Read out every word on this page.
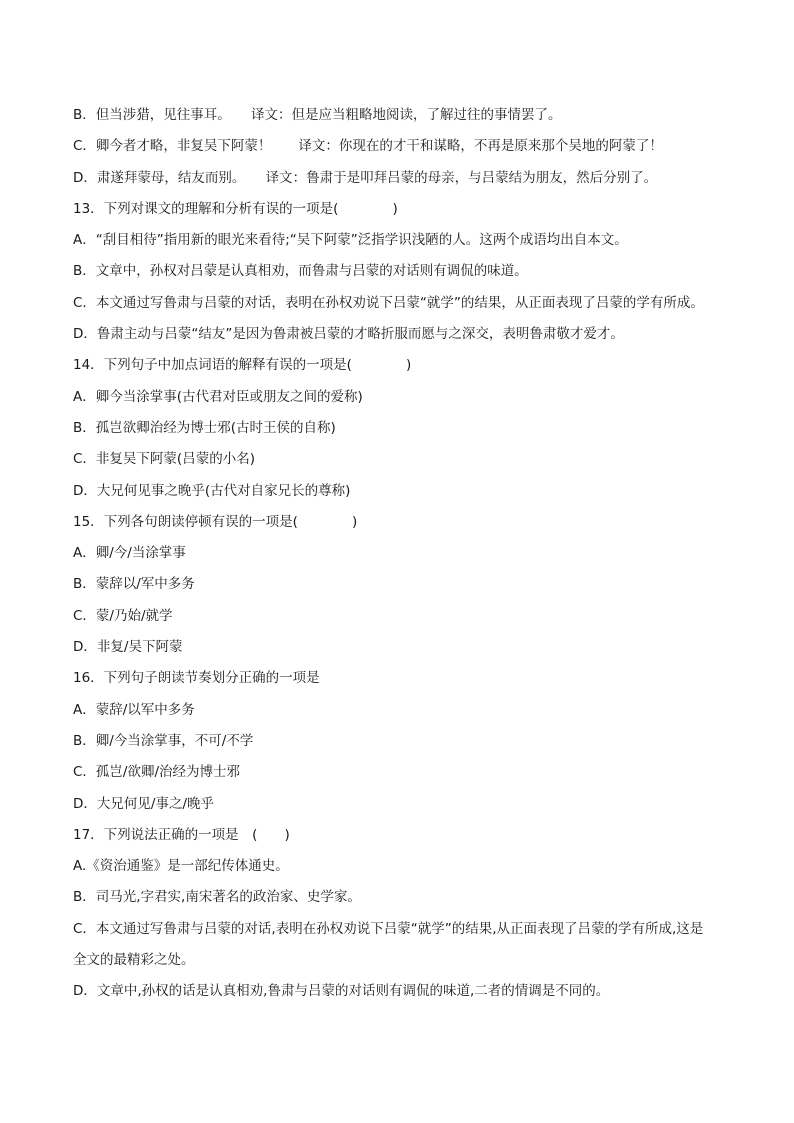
B．但当涉猎，见往事耳。　　译文：但是应当粗略地阅读，了解过往的事情罢了。
C．卿今者才略，非复吴下阿蒙！　　译文：你现在的才干和谋略，不再是原来那个吴地的阿蒙了！
D．肃遂拜蒙母，结友而别。　　译文：鲁肃于是叩拜吕蒙的母亲，与吕蒙结为朋友，然后分别了。
13．下列对课文的理解和分析有误的一项是(　　　　)
A．“刮目相待”指用新的眼光来看待;“吴下阿蒙”泛指学识浅陋的人。这两个成语均出自本文。
B．文章中，孙权对吕蒙是认真相劝，而鲁肃与吕蒙的对话则有调侃的味道。
C．本文通过写鲁肃与吕蒙的对话，表明在孙权劝说下吕蒙“就学”的结果，从正面表现了吕蒙的学有所成。
D．鲁肃主动与吕蒙“结友”是因为鲁肃被吕蒙的才略折服而愿与之深交，表明鲁肃敬才爱才。
14．下列句子中加点词语的解释有误的一项是(　　　　)
A．卿今当涂掌事(古代君对臣或朋友之间的爱称)
B．孤岂欲卿治经为博士邪(古时王侯的自称)
C．非复吴下阿蒙(吕蒙的小名)
D．大兄何见事之晚乎(古代对自家兄长的尊称)
15．下列各句朗读停顿有误的一项是(　　　　)
A．卿/今/当涂掌事
B．蒙辞以/军中多务
C．蒙/乃始/就学
D．非复/吴下阿蒙
16．下列句子朗读节奏划分正确的一项是
A．蒙辞/以军中多务
B．卿/今当涂掌事，不可/不学
C．孤岂/欲卿/治经为博士邪
D．大兄何见/事之/晚乎
17．下列说法正确的一项是　(　　)
A.《资治通鉴》是一部纪传体通史。
B．司马光,字君实,南宋著名的政治家、史学家。
C．本文通过写鲁肃与吕蒙的对话,表明在孙权劝说下吕蒙“就学”的结果,从正面表现了吕蒙的学有所成,这是
全文的最精彩之处。
D．文章中,孙权的话是认真相劝,鲁肃与吕蒙的对话则有调侃的味道,二者的情调是不同的。
